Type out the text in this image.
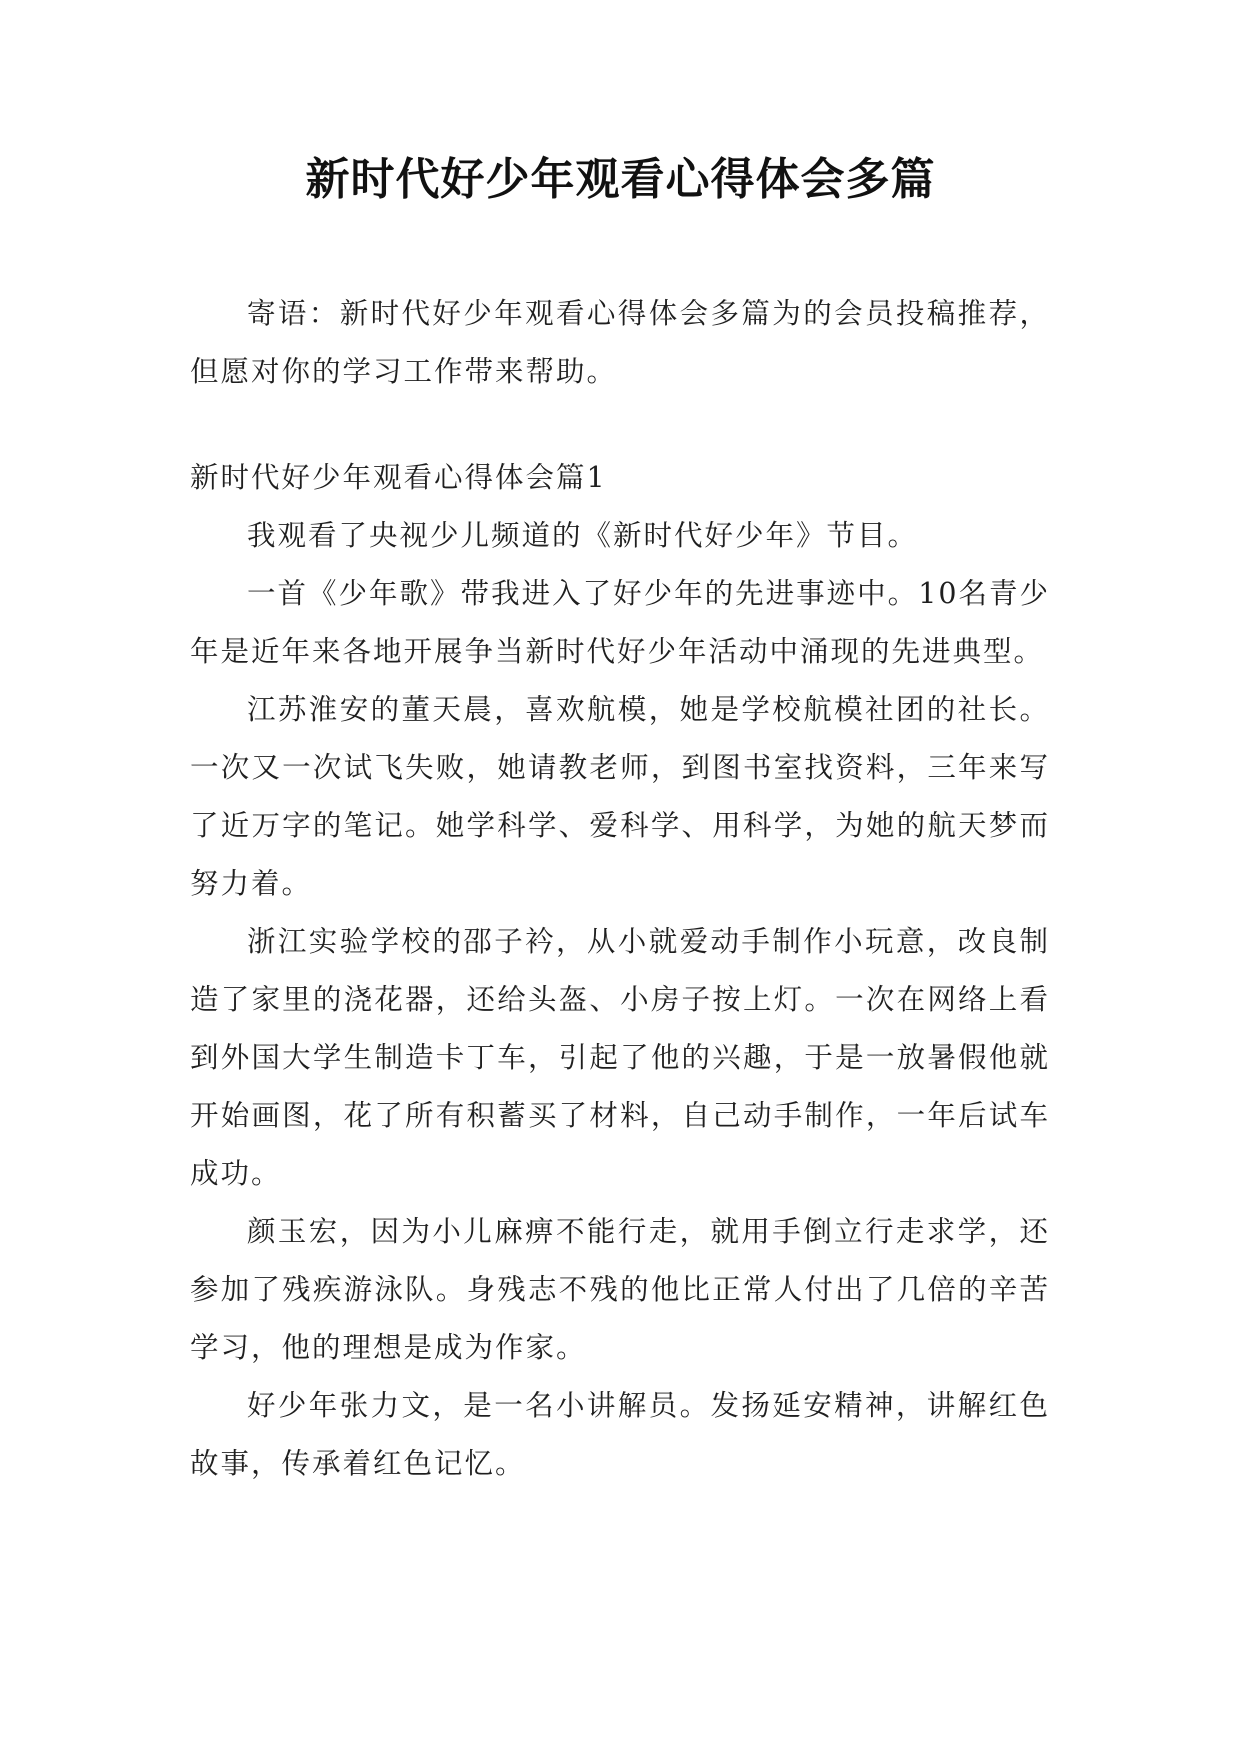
新时代好少年观看心得体会多篇

寄语：新时代好少年观看心得体会多篇为的会员投稿推荐，但愿对你的学习工作带来帮助。

新时代好少年观看心得体会篇1

我观看了央视少儿频道的《新时代好少年》节目。

一首《少年歌》带我进入了好少年的先进事迹中。10名青少年是近年来各地开展争当新时代好少年活动中涌现的先进典型。

江苏淮安的董天晨，喜欢航模，她是学校航模社团的社长。一次又一次试飞失败，她请教老师，到图书室找资料，三年来写了近万字的笔记。她学科学、爱科学、用科学，为她的航天梦而努力着。

浙江实验学校的邵子衿，从小就爱动手制作小玩意，改良制造了家里的浇花器，还给头盔、小房子按上灯。一次在网络上看到外国大学生制造卡丁车，引起了他的兴趣，于是一放暑假他就开始画图，花了所有积蓄买了材料，自己动手制作，一年后试车成功。

颜玉宏，因为小儿麻痹不能行走，就用手倒立行走求学，还参加了残疾游泳队。身残志不残的他比正常人付出了几倍的辛苦学习，他的理想是成为作家。

好少年张力文，是一名小讲解员。发扬延安精神，讲解红色故事，传承着红色记忆。
